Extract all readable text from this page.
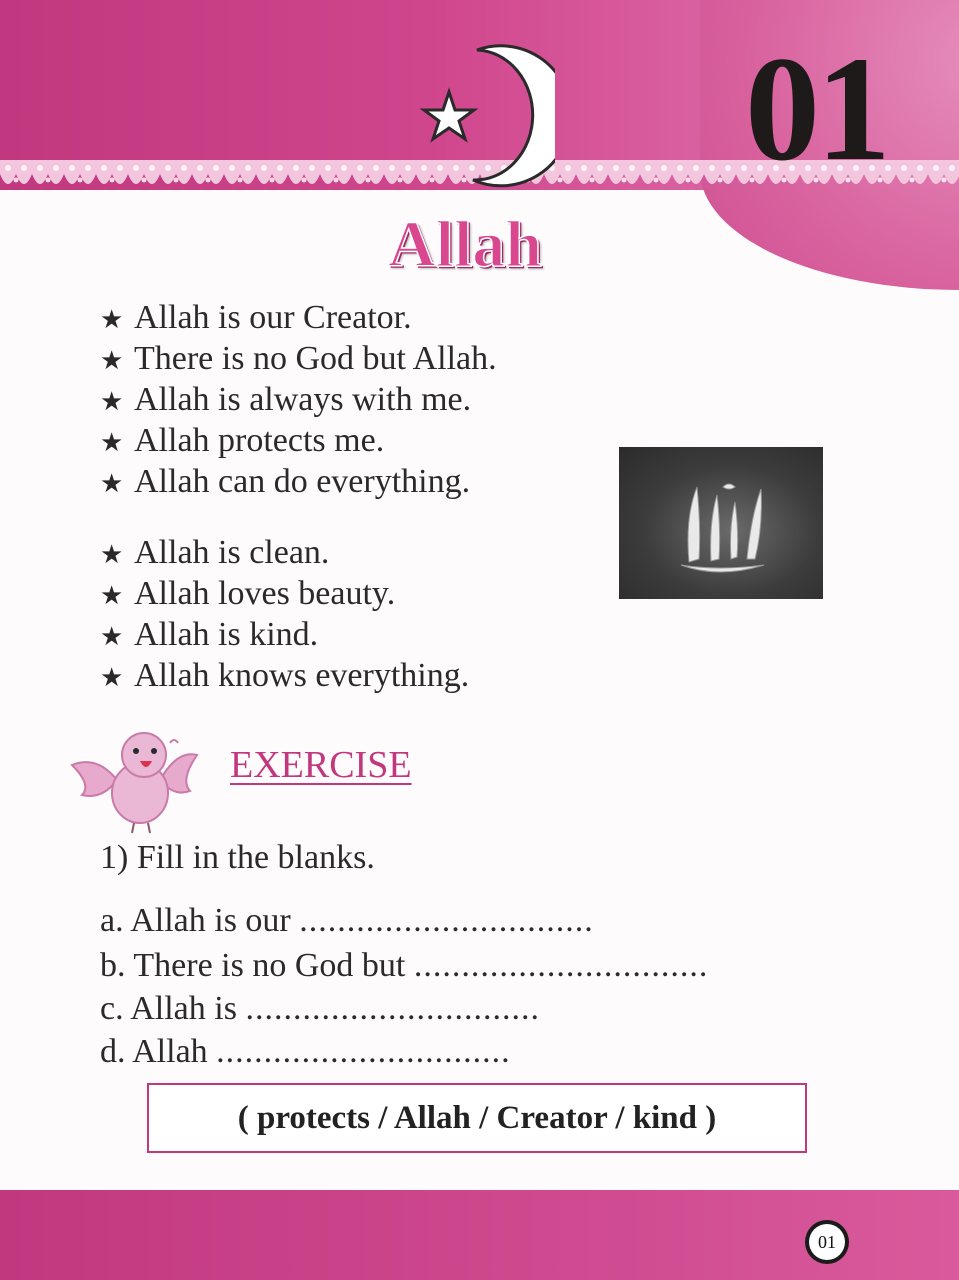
01
Allah
★ Allah is our Creator.
★ There is no God but Allah.
★ Allah is always with me.
★ Allah protects me.
★ Allah can do everything.
★ Allah is clean.
★ Allah loves beauty.
★ Allah is kind.
★ Allah knows everything.
EXERCISE
1) Fill in the blanks.
a. Allah is our ...............................
b. There is no God but ...............................
c. Allah is ...............................
d. Allah ...............................
( protects / Allah / Creator / kind )
01
